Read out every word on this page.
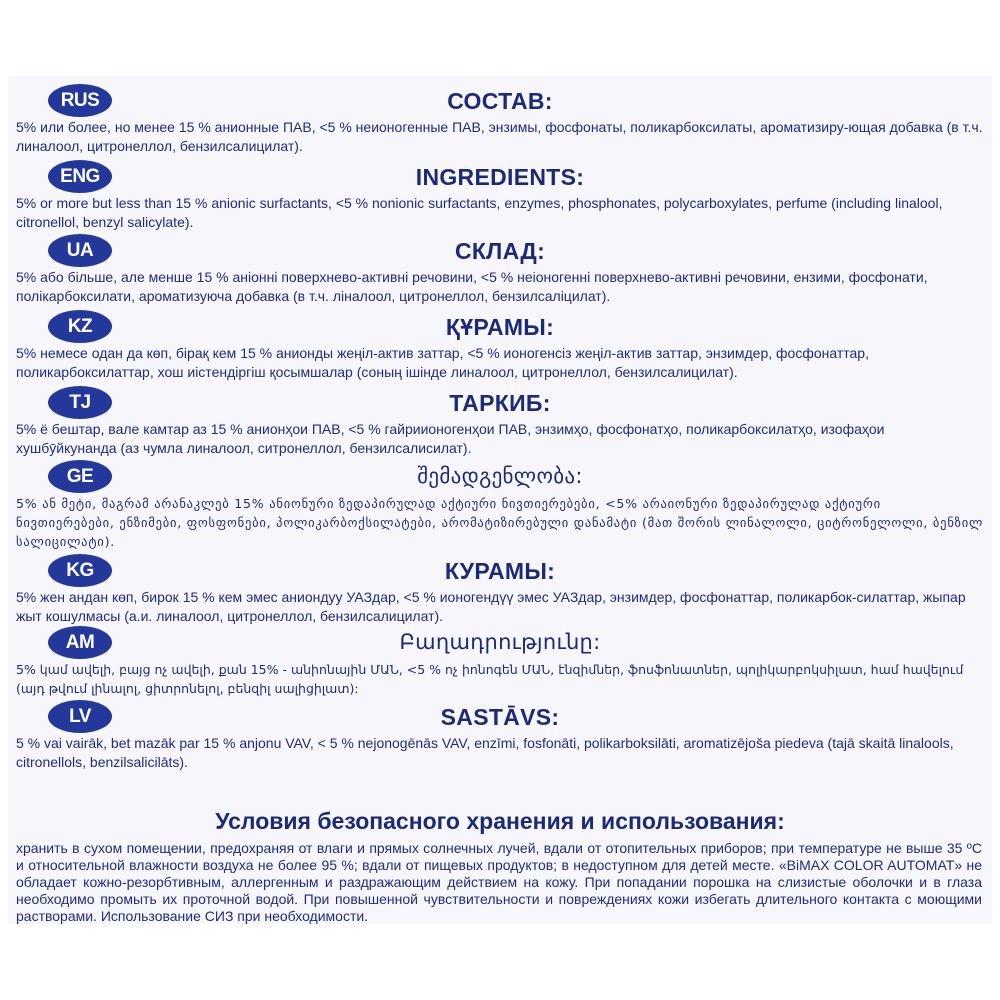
RUS	СОСТАВ:
5% или более, но менее 15 % анионные ПАВ, <5 % неионогенные ПАВ, энзимы, фосфонаты, поликарбоксилаты, ароматизиру-ющая добавка (в т.ч. линалоол, цитронеллол, бензилсалицилат).
ENG	INGREDIENTS:
5% or more but less than 15 % anionic surfactants, <5 % nonionic surfactants, enzymes, phosphonates, polycarboxylates, perfume (including linalool, citronellol, benzyl salicylate).
UA	СКЛАД:
5% або більше, але менше 15 % аніонні поверхнево-активні речовини, <5 % неіоногенні поверхнево-активні речовини, ензими, фосфонати, полікарбоксилати, ароматизуюча добавка (в т.ч. ліналоол, цитронеллол, бензилсаліцилат).
KZ	ҚҰРАМЫ:
5% немесе одан да көп, бірақ кем 15 % анионды жеңіл-актив заттар, <5 % ионогенсіз жеңіл-актив заттар, энзимдер, фосфонаттар, поликарбоксилаттар, хош иістендіргіш қосымшалар (соның ішінде линалоол, цитронеллол, бензилсалицилат).
TJ	ТАРКИБ:
5% ё бештар, вале камтар аз 15 % анионҳои ПАВ, <5 % гайриионогенҳои ПАВ, энзимҳо, фосфонатҳо, поликарбоксилатҳо, изофаҳои хушбӯйкунанда (аз чумла линалоол, ситронеллол, бензилсалисилат).
GE	შემადგენლობა:
5% ან მეტი, მაგრამ არანაკლებ 15% ანიონური ზედაპირულად აქტიური ნივთიერებები, <5% არაიონური ზედაპირულად აქტიური ნივთიერებები, ენზიმები, ფოსფონები, პოლიკარბოქსილატები, არომატიზირებული დანამატი (მათ შორის ლინალოლი, ციტრონელოლი, ბენზილ სალიცილატი).
KG	КУРАМЫ:
5% жен андан көп, бирок 15 % кем эмес аниондуу УАЗдар, <5 % ионогендүү эмес УАЗдар, энзимдер, фосфонаттар, поликарбок-силаттар, жыпар жыт кошулмасы (а.и. линалоол, цитронеллол, бензилсалицилат).
AM	Բաղադրությունը:
5% կամ ավելի, բայց ոչ ավելի, քան 15% - անիոնային ՄԱՆ, <5 % ոչ իոնոգեն ՄԱՆ, էնզիմներ, ֆոսֆոնատներ, պոլիկարբոկսիլատ, համ հավելում (այդ թվում լինալոլ, ցիտրոնելոլ, բենզիլ սալիցիլատ):
LV	SASTĀVS:
5 % vai vairāk, bet mazāk par 15 % anjonu VAV, < 5 % nejonogēnās VAV, enzīmi, fosfonāti, polikarboksilāti, aromatizējoša piedeva (tajā skaitā linalools, citronellols, benzilsalicilāts).
Условия безопасного хранения и использования:
хранить в сухом помещении, предохраняя от влаги и прямых солнечных лучей, вдали от отопительных приборов; при температуре не выше 35 ºС и относительной влажности воздуха не более 95 %; вдали от пищевых продуктов; в недоступном для детей месте. «BiMAX COLOR AUTOMAT» не обладает кожно-резорбтивным, аллергенным и раздражающим действием на кожу. При попадании порошка на слизистые оболочки и в глаза необходимо промыть их проточной водой. При повышенной чувствительности и повреждениях кожи избегать длительного контакта с моющими растворами. Использование СИЗ при необходимости.
